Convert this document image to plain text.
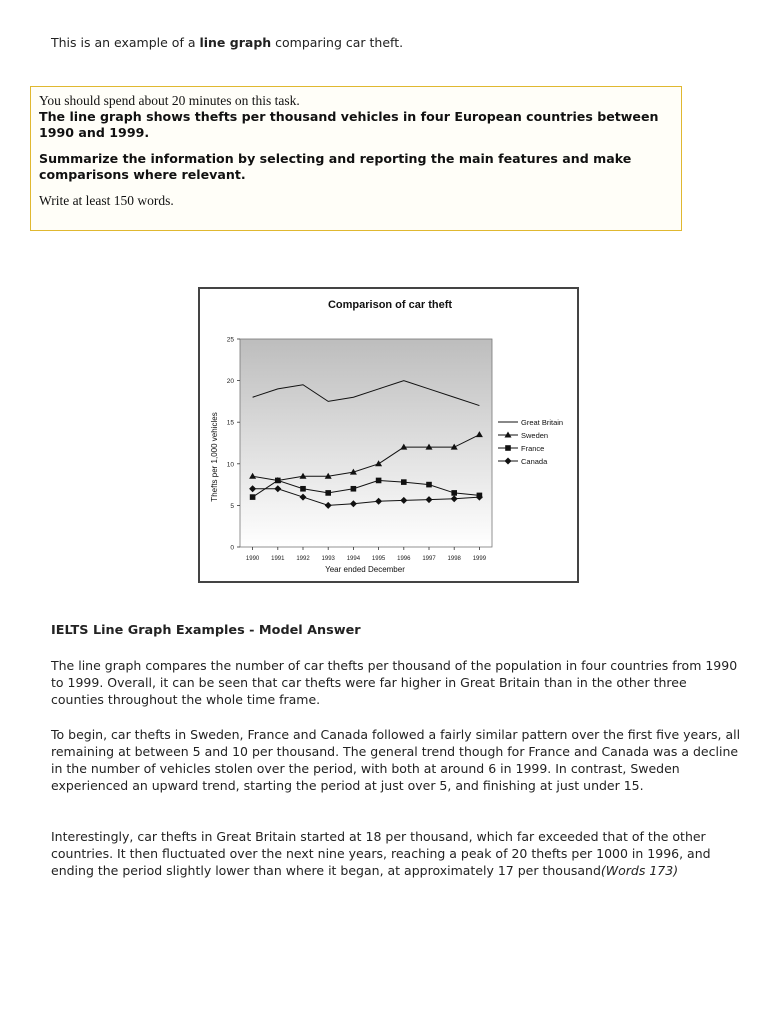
This is an example of a line graph comparing car theft.

You should spend about 20 minutes on this task.

The line graph shows thefts per thousand vehicles in four European countries between 1990 and 1999.

Summarize the information by selecting and reporting the main features and make comparisons where relevant.

Write at least 150 words.

Comparison of car theft
Thefts per 1,000 vehicles
Year ended December
0
5
10
15
20
25
1990 1991 1992 1993 1994 1995 1996 1997 1998 1999
Great Britain
Sweden
France
Canada
IELTS Line Graph Examples - Model Answer
The line graph compares the number of car thefts per thousand of the population in four countries from 1990 to 1999. Overall, it can be seen that car thefts were far higher in Great Britain than in the other three counties throughout the whole time frame.
To begin, car thefts in Sweden, France and Canada followed a fairly similar pattern over the first five years, all remaining at between 5 and 10 per thousand. The general trend though for France and Canada was a decline in the number of vehicles stolen over the period, with both at around 6 in 1999. In contrast, Sweden experienced an upward trend, starting the period at just over 5, and finishing at just under 15.
Interestingly, car thefts in Great Britain started at 18 per thousand, which far exceeded that of the other countries. It then fluctuated over the next nine years, reaching a peak of 20 thefts per 1000 in 1996, and ending the period slightly lower than where it began, at approximately 17 per thousand(Words 173)
